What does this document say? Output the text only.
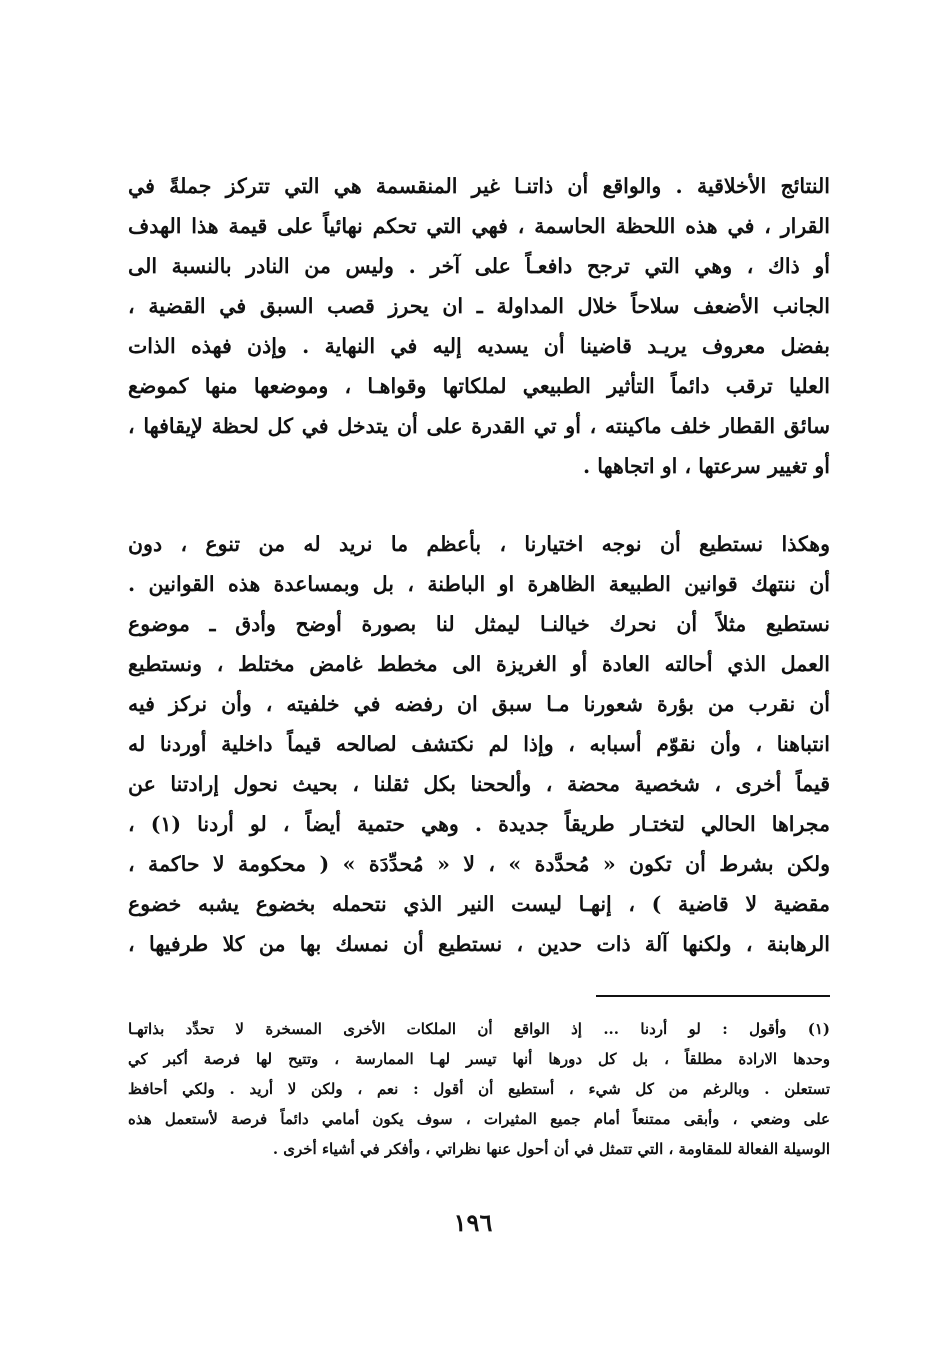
النتائج الأخلاقية . والواقع أن ذاتنـا غير المنقسمة هي التي تتركز جملةً في
القرار ، في هذه اللحظة الحاسمة ، فهي التي تحكم نهائياً على قيمة هذا الهدف
أو ذاك ، وهي التي ترجح دافعـاً على آخر . وليس من النادر بالنسبة الى
الجانب الأضعف سلاحاً خلال المداولة ـ ان يحرز قصب السبق في القضية ،
بفضل معروف يريـد قاضينا أن يسديه إليه في النهاية . وإذن فهذه الذات
العليا ترقب دائماً التأثير الطبيعي لملكاتها وقواهـا ، وموضعها منها كموضع
سائق القطار خلف ماكينته ، أو تي القدرة على أن يتدخل في كل لحظة لإيقافها ،
أو تغيير سرعتها ، او اتجاهها .
وهكذا نستطيع أن نوجه اختيارنا ، بأعظم ما نريد له من تنوع ، دون
أن ننتهك قوانين الطبيعة الظاهرة او الباطنة ، بل وبمساعدة هذه القوانين .
نستطيع مثلاً أن نحرك خيالنـا ليمثل لنا بصورة أوضح وأدق ـ موضوع
العمل الذي أحالته العادة أو الغريزة الى مخطط غامض مختلط ، ونستطيع
أن نقرب من بؤرة شعورنا مـا سبق ان رفضه في خلفيته ، وأن نركز فيه
انتباهنا ، وأن نقوّم أسبابه ، وإذا لم نكتشف لصالحه قيماً داخلية أوردنا له
قيماً أخرى ، شخصية محضة ، وألححنا بكل ثقلنا ، بحيث نحول إرادتنا عن
مجراها الحالي لتختـار طريقاً جديدة . وهي حتمية أيضاً ، لو أردنا (١) ،
ولكن بشرط أن تكون « مُحدَّدة » ، لا « مُحدِّدَة » ( محكومة لا حاكمة ،
مقضية لا قاضية ) ، إنهـا ليست النير الذي نتحمله بخضوع يشبه خضوع
الرهابنة ، ولكنها آلة ذات حدين ، نستطيع أن نمسك بها من كلا طرفيها ،
(١) وأقول : لو أردنا ... إذ الواقع أن الملكات الأخرى المسخرة لا تحدِّد بذاتهـا
وحدها الارادة مطلقاً ، بل كل دورها أنها تيسر لهـا الممارسة ، وتتيح لها فرصة أكبر كي
تستعلن . وبالرغم من كل شيء ، أستطيع أن أقول : نعم ، ولكن لا أريد . ولكي أحافظ
على وضعي ، وأبقى ممتنعاً أمام جميع المثيرات ، سوف يكون أمامي دائماً فرصة لأستعمل هذه
الوسيلة الفعالة للمقاومة ، التي تتمثل في أن أحول عنها نظراتي ، وأفكر في أشياء أخرى .
١٩٦
